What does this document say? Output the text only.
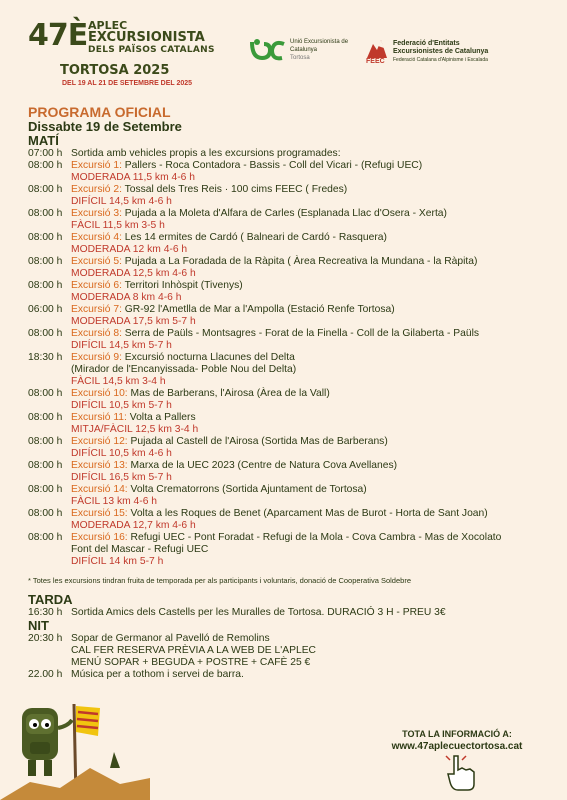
47È APLEC
EXCURSIONISTA
DELS PAÏSOS CATALANS
TORTOSA 2025
DEL 19 AL 21 DE SETEMBRE DEL 2025
Unió Excursionista de Catalunya
Tortosa	FEEC
Federació d'Entitats Excursionistes de Catalunya
Federació Catalana d'Alpinisme i Escalada
PROGRAMA OFICIAL
Dissabte 19 de Setembre
MATÍ
07:00 h Sortida amb vehicles propis a les excursions programades:
08:00 h Excursió 1: Pallers - Roca Contadora - Bassis - Coll del Vicari - (Refugi UEC)
MODERADA 11,5 km 4-6 h
08:00 h Excursió 2: Tossal dels Tres Reis · 100 cims FEEC ( Fredes)
DIFÍCIL 14,5 km 4-6 h
08:00 h Excursió 3: Pujada a la Moleta d'Alfara de Carles (Esplanada Llac d'Osera - Xerta)
FÀCIL 11,5 km 3-5 h
08:00 h Excursió 4: Les 14 ermites de Cardó ( Balneari de Cardó - Rasquera)
MODERADA 12 km 4-6 h
08:00 h Excursió 5: Pujada a La Foradada de la Ràpita ( Àrea Recreativa la Mundana - la Ràpita)
MODERADA 12,5 km 4-6 h
08:00 h Excursió 6: Territori Inhòspit (Tivenys)
MODERADA 8 km 4-6 h
06:00 h Excursió 7: GR-92 l'Ametlla de Mar a l'Ampolla (Estació Renfe Tortosa)
MODERADA 17,5 km 5-7 h
08:00 h Excursió 8: Serra de Paüls - Montsagres - Forat de la Finella - Coll de la Gilaberta - Paüls
DIFÍCIL 14,5 km 5-7 h
18:30 h Excursió 9: Excursió nocturna Llacunes del Delta
(Mirador de l'Encanyissada- Poble Nou del Delta)
FÀCIL 14,5 km 3-4 h
08:00 h Excursió 10: Mas de Barberans, l'Airosa (Àrea de la Vall)
DIFÍCIL 10,5 km 5-7 h
08:00 h Excursió 11: Volta a Pallers
MITJA/FÀCIL 12,5 km 3-4 h
08:00 h Excursió 12: Pujada al Castell de l'Airosa (Sortida Mas de Barberans)
DIFÍCIL 10,5 km 4-6 h
08:00 h Excursió 13: Marxa de la UEC 2023 (Centre de Natura Cova Avellanes)
DIFÍCIL 16,5 km 5-7 h
08:00 h Excursió 14: Volta Crematorrons (Sortida Ajuntament de Tortosa)
FÀCIL 13 km 4-6 h
08:00 h Excursió 15: Volta a les Roques de Benet (Aparcament Mas de Burot - Horta de Sant Joan)
MODERADA 12,7 km 4-6 h
08:00 h Excursió 16: Refugi UEC - Pont Foradat - Refugi de la Mola - Cova Cambra - Mas de Xocolato
Font del Mascar - Refugi UEC
DIFÍCIL 14 km 5-7 h
* Totes les excursions tindran fruita de temporada per als participants i voluntaris, donació de Cooperativa Soldebre
TARDA
16:30 h Sortida Amics dels Castells per les Muralles de Tortosa. DURACIÓ 3 H - PREU 3€
NIT
20:30 h Sopar de Germanor al Pavelló de Remolins
CAL FER RESERVA PRÈVIA A LA WEB DE L'APLEC
MENÚ SOPAR + BEGUDA + POSTRE + CAFÈ 25 €
22.00 h Música per a tothom i servei de barra.
TOTA LA INFORMACIÓ A:
www.47aplecuectortosa.cat
